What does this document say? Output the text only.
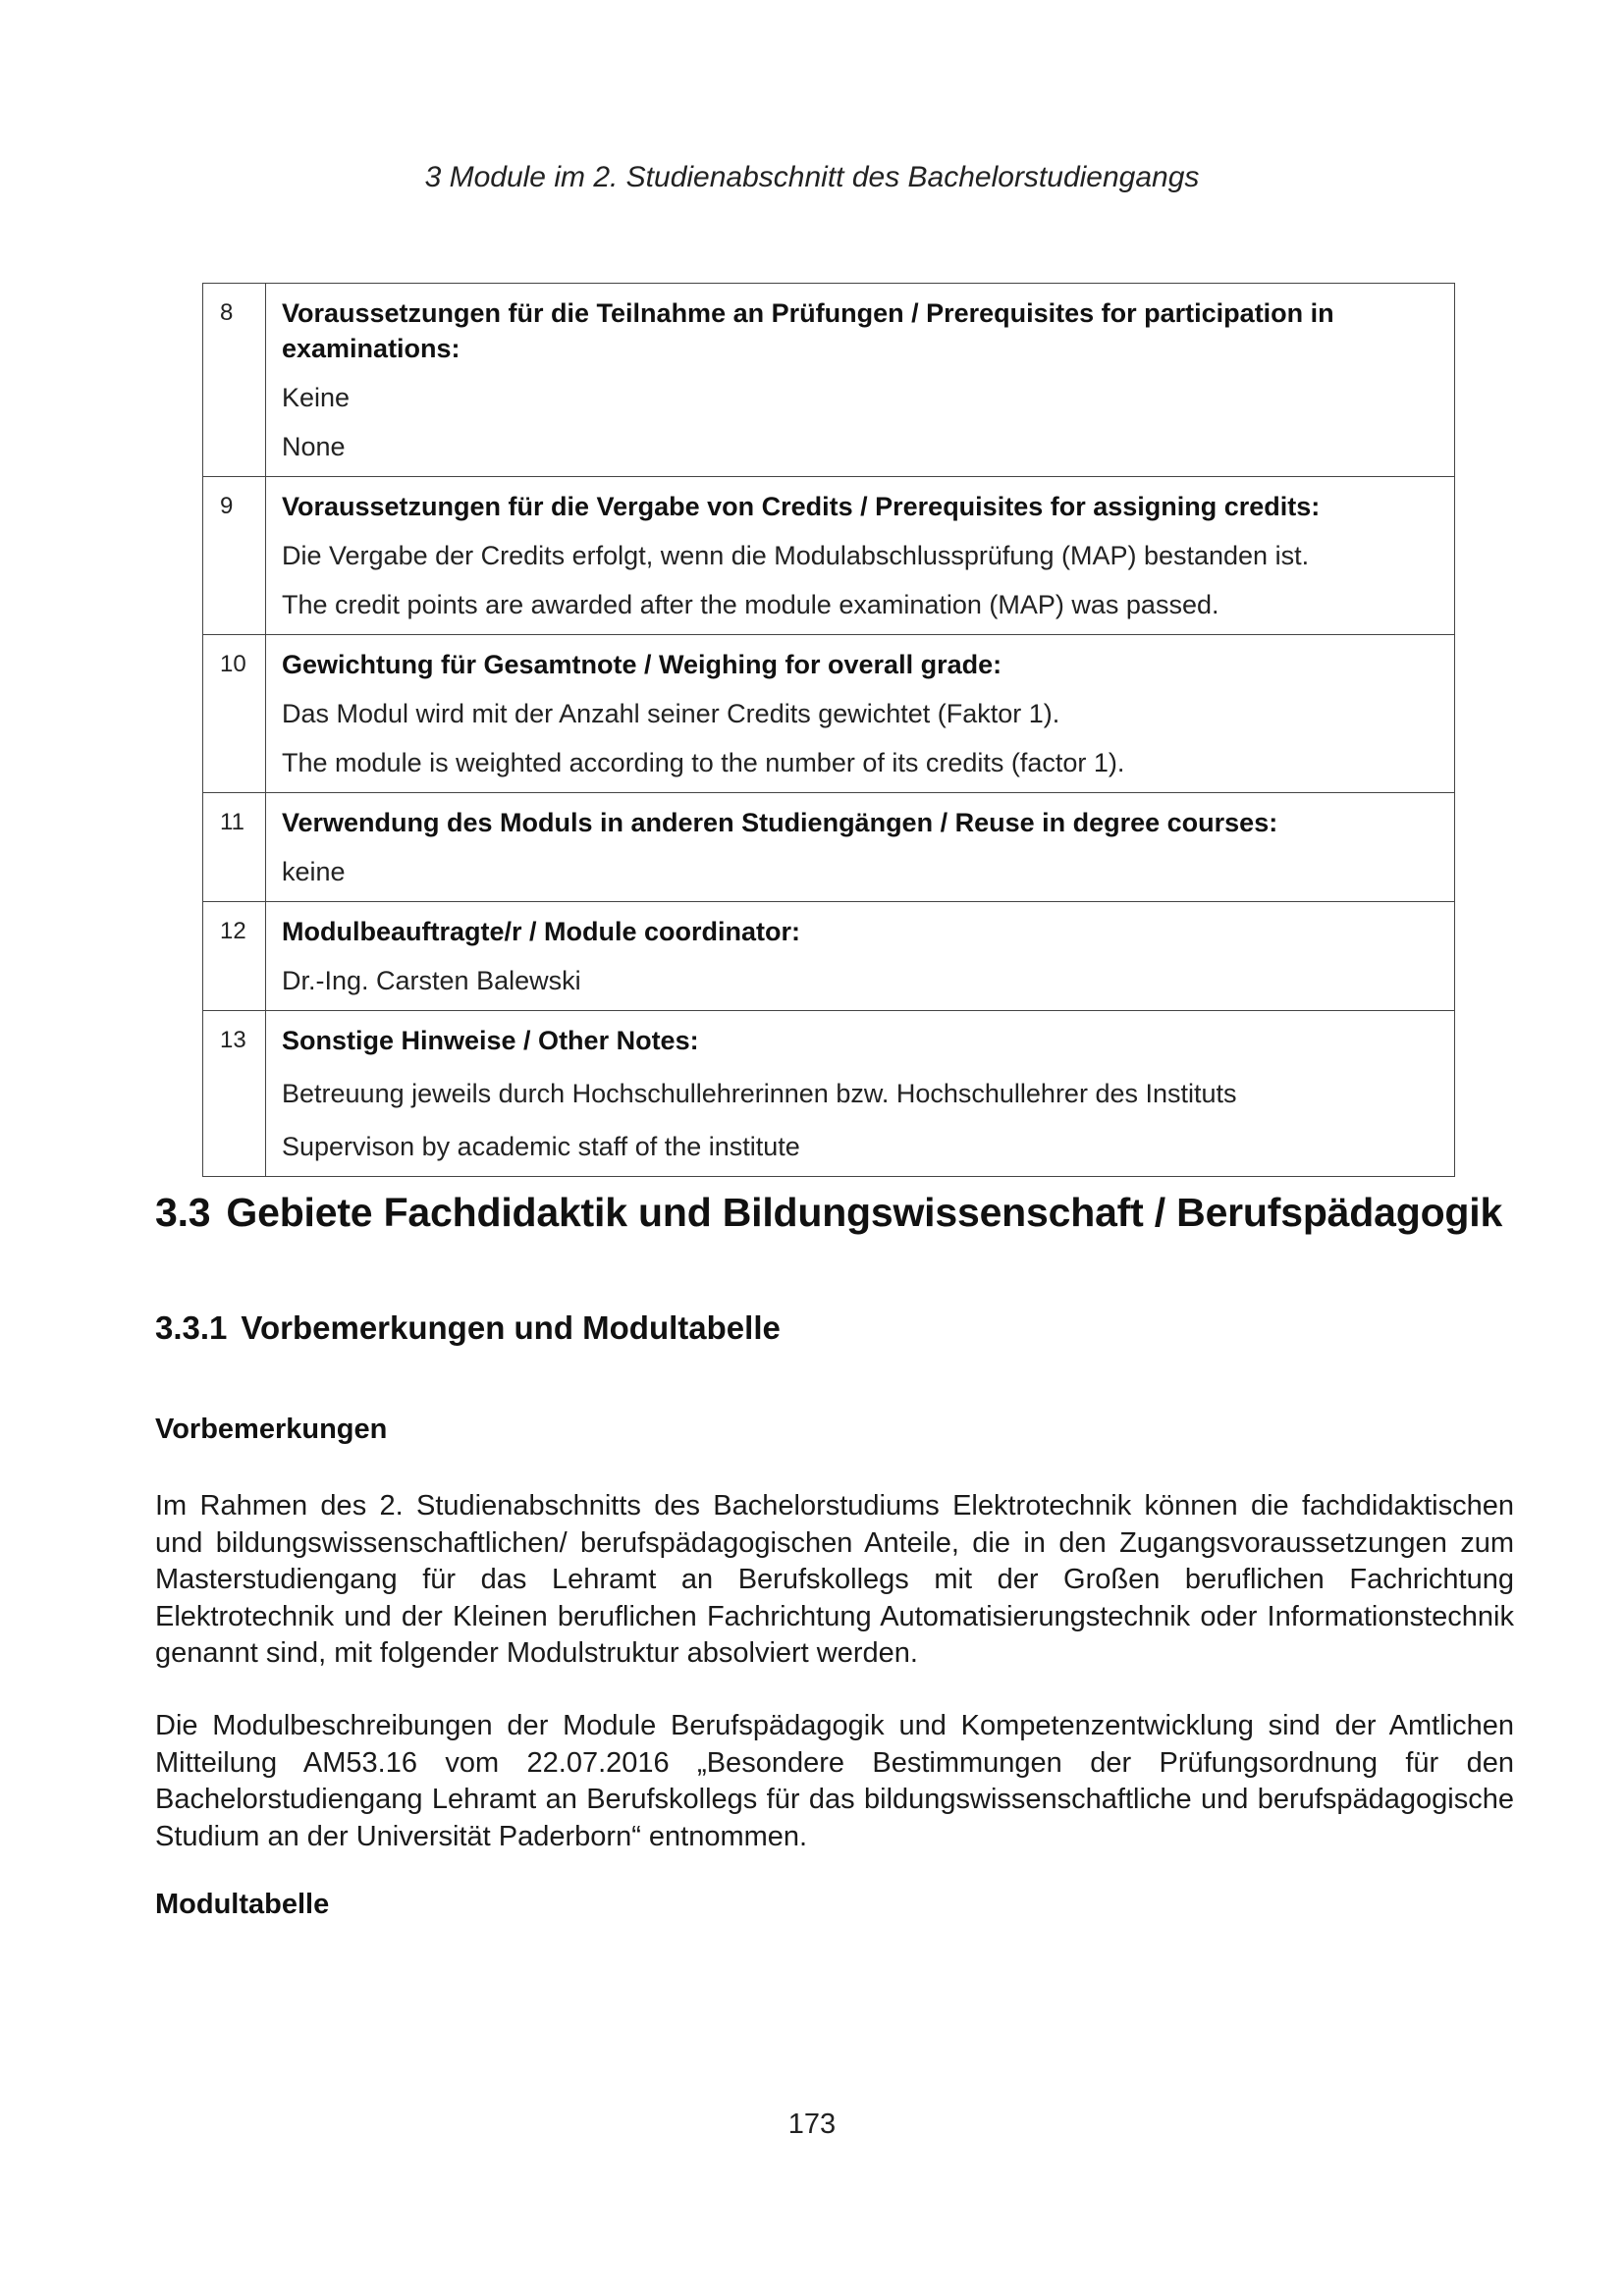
3 Module im 2. Studienabschnitt des Bachelorstudiengangs
8	Voraussetzungen für die Teilnahme an Prüfungen / Prerequisites for participation in examinations:
Keine
None

9	Voraussetzungen für die Vergabe von Credits / Prerequisites for assigning credits:
Die Vergabe der Credits erfolgt, wenn die Modulabschlussprüfung (MAP) bestanden ist.
The credit points are awarded after the module examination (MAP) was passed.

10	Gewichtung für Gesamtnote / Weighing for overall grade:
Das Modul wird mit der Anzahl seiner Credits gewichtet (Faktor 1).
The module is weighted according to the number of its credits (factor 1).

11	Verwendung des Moduls in anderen Studiengängen / Reuse in degree courses:
keine

12	Modulbeauftragte/r / Module coordinator:
Dr.-Ing. Carsten Balewski

13	Sonstige Hinweise / Other Notes:
Betreuung jeweils durch Hochschullehrerinnen bzw. Hochschullehrer des Instituts
Supervison by academic staff of the institute
3.3 Gebiete Fachdidaktik und Bildungswissenschaft / Berufspädagogik
3.3.1 Vorbemerkungen und Modultabelle
Vorbemerkungen
Im Rahmen des 2. Studienabschnitts des Bachelorstudiums Elektrotechnik können die fachdidaktischen und bildungswissenschaftlichen/ berufspädagogischen Anteile, die in den Zugangsvoraussetzungen zum Masterstudiengang für das Lehramt an Berufskollegs mit der Großen beruflichen Fachrichtung Elektrotechnik und der Kleinen beruflichen Fachrichtung Automatisierungstechnik oder Informationstechnik genannt sind, mit folgender Modulstruktur absolviert werden.
Die Modulbeschreibungen der Module Berufspädagogik und Kompetenzentwicklung sind der Amtlichen Mitteilung AM53.16 vom 22.07.2016 „Besondere Bestimmungen der Prüfungsordnung für den Bachelorstudiengang Lehramt an Berufskollegs für das bildungswissenschaftliche und berufspädagogische Studium an der Universität Paderborn“ entnommen.
Modultabelle
173
